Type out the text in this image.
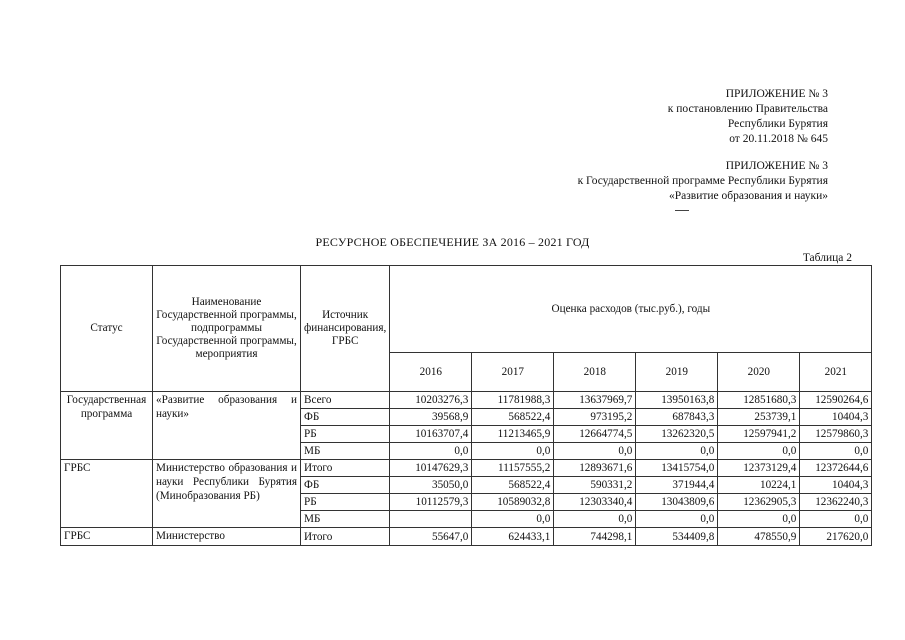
ПРИЛОЖЕНИЕ № 3
к постановлению Правительства
Республики Бурятия
от 20.11.2018 № 645
ПРИЛОЖЕНИЕ № 3
к Государственной программе Республики Бурятия
«Развитие образования и науки»
РЕСУРСНОЕ ОБЕСПЕЧЕНИЕ ЗА 2016 – 2021 ГОД
Таблица 2
Статус	Наименование Государственной программы, подпрограммы Государственной программы, мероприятия	Источник финансирования, ГРБС	Оценка расходов (тыс.руб.), годы					
			2016	2017	2018	2019	2020	2021
Государственная программа	«Развитие образования и науки»	Всего	10203276,3	11781988,3	13637969,7	13950163,8	12851680,3	12590264,6
		ФБ	39568,9	568522,4	973195,2	687843,3	253739,1	10404,3
		РБ	10163707,4	11213465,9	12664774,5	13262320,5	12597941,2	12579860,3
		МБ	0,0	0,0	0,0	0,0	0,0	0,0
ГРБС	Министерство образования и науки Республики Бурятия (Минобразования РБ)	Итого	10147629,3	11157555,2	12893671,6	13415754,0	12373129,4	12372644,6
		ФБ	35050,0	568522,4	590331,2	371944,4	10224,1	10404,3
		РБ	10112579,3	10589032,8	12303340,4	13043809,6	12362905,3	12362240,3
		МБ		0,0	0,0	0,0	0,0	0,0
ГРБС	Министерство	Итого	55647,0	624433,1	744298,1	534409,8	478550,9	217620,0
